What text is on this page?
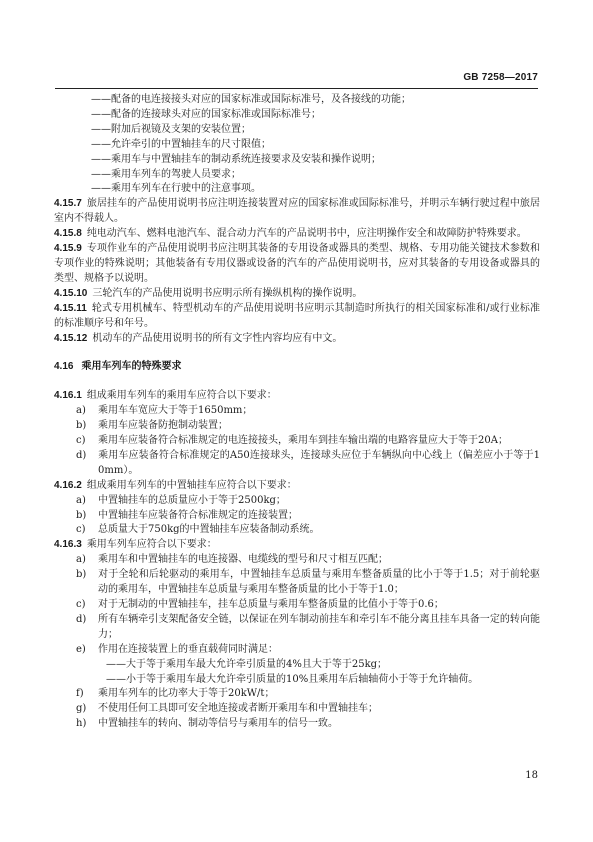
GB 7258—2017
——配备的电连接接头对应的国家标准或国际标准号，及各接线的功能；
——配备的连接球头对应的国家标准或国际标准号；
——附加后视镜及支架的安装位置；
——允许牵引的中置轴挂车的尺寸限值；
——乘用车与中置轴挂车的制动系统连接要求及安装和操作说明；
——乘用车列车的驾驶人员要求；
——乘用车列车在行驶中的注意事项。
4.15.7 旅居挂车的产品使用说明书应注明连接装置对应的国家标准或国际标准号，并明示车辆行驶过程中旅居室内不得载人。
4.15.8 纯电动汽车、燃料电池汽车、混合动力汽车的产品说明书中，应注明操作安全和故障防护特殊要求。
4.15.9 专项作业车的产品使用说明书应注明其装备的专用设备或器具的类型、规格、专用功能关键技术参数和专项作业的特殊说明；其他装备有专用仪器或设备的汽车的产品使用说明书，应对其装备的专用设备或器具的类型、规格予以说明。
4.15.10 三轮汽车的产品使用说明书应明示所有操纵机构的操作说明。
4.15.11 轮式专用机械车、特型机动车的产品使用说明书应明示其制造时所执行的相关国家标准和/或行业标准的标准顺序号和年号。
4.15.12 机动车的产品使用说明书的所有文字性内容均应有中文。
4.16 乘用车列车的特殊要求
4.16.1 组成乘用车列车的乘用车应符合以下要求：
a) 乘用车车宽应大于等于1650mm；
b) 乘用车应装备防抱制动装置；
c) 乘用车应装备符合标准规定的电连接接头，乘用车到挂车输出端的电路容量应大于等于20A；
d) 乘用车应装备符合标准规定的A50连接球头，连接球头应位于车辆纵向中心线上（偏差应小于等于10mm）。
4.16.2 组成乘用车列车的中置轴挂车应符合以下要求：
a) 中置轴挂车的总质量应小于等于2500kg；
b) 中置轴挂车应装备符合标准规定的连接装置；
c) 总质量大于750kg的中置轴挂车应装备制动系统。
4.16.3 乘用车列车应符合以下要求：
a) 乘用车和中置轴挂车的电连接器、电缆线的型号和尺寸相互匹配；
b) 对于全轮和后轮驱动的乘用车，中置轴挂车总质量与乘用车整备质量的比小于等于1.5；对于前轮驱动的乘用车，中置轴挂车总质量与乘用车整备质量的比小于等于1.0；
c) 对于无制动的中置轴挂车，挂车总质量与乘用车整备质量的比值小于等于0.6；
d) 所有车辆牵引支架配备安全链，以保证在列车制动前挂车和牵引车不能分离且挂车具备一定的转向能力；
e) 作用在连接装置上的垂直载荷同时满足：
——大于等于乘用车最大允许牵引质量的4%且大于等于25kg；
——小于等于乘用车最大允许牵引质量的10%且乘用车后轴轴荷小于等于允许轴荷。
f) 乘用车列车的比功率大于等于20kW/t；
g) 不使用任何工具即可安全地连接或者断开乘用车和中置轴挂车；
h) 中置轴挂车的转向、制动等信号与乘用车的信号一致。
18
